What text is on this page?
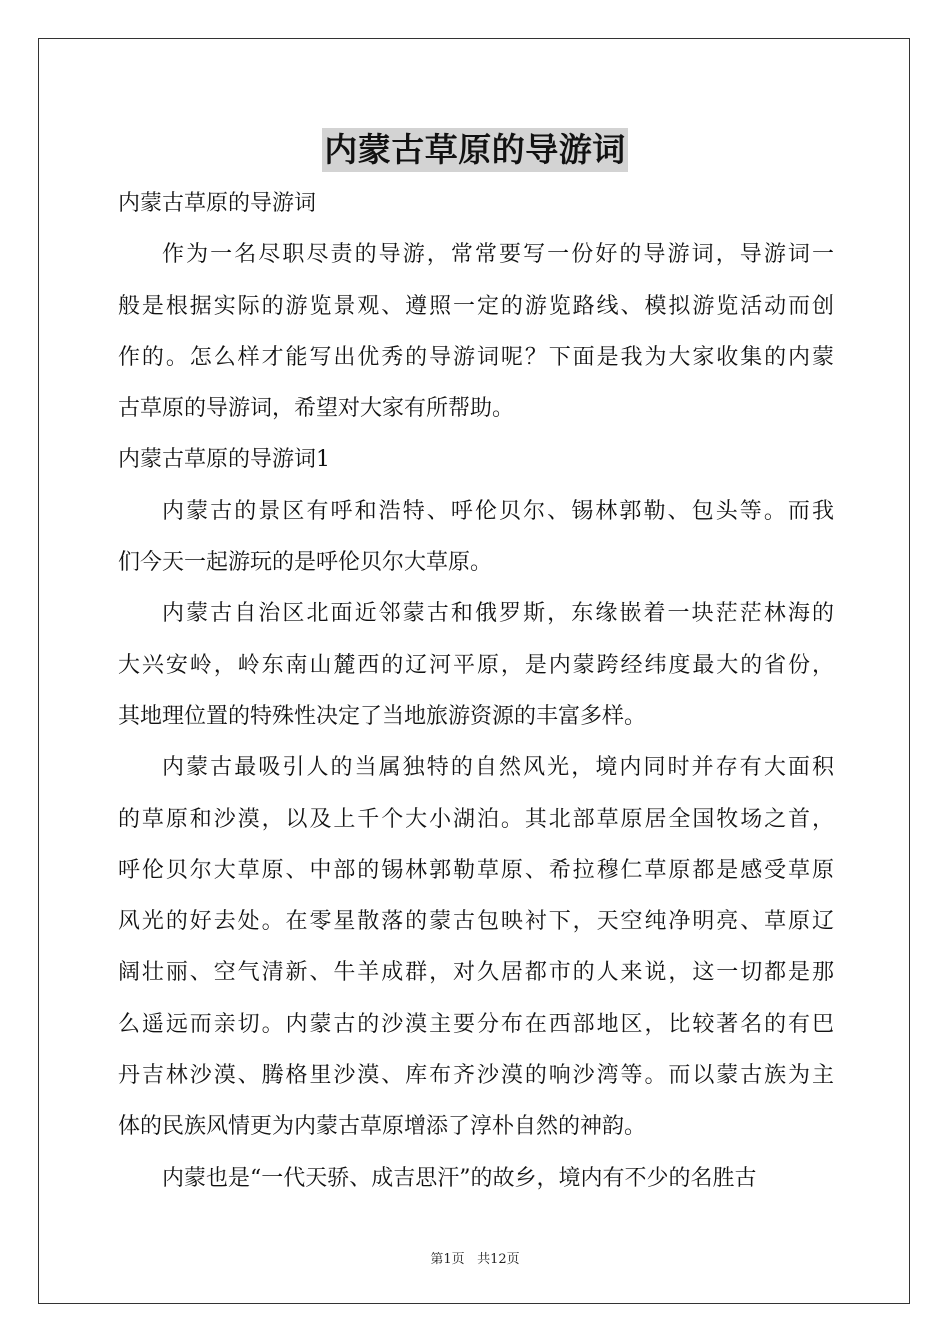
内蒙古草原的导游词
内蒙古草原的导游词
作为一名尽职尽责的导游，常常要写一份好的导游词，导游词一
般是根据实际的游览景观、遵照一定的游览路线、模拟游览活动而创
作的。怎么样才能写出优秀的导游词呢？下面是我为大家收集的内蒙
古草原的导游词，希望对大家有所帮助。
内蒙古草原的导游词1
内蒙古的景区有呼和浩特、呼伦贝尔、锡林郭勒、包头等。而我
们今天一起游玩的是呼伦贝尔大草原。
内蒙古自治区北面近邻蒙古和俄罗斯，东缘嵌着一块茫茫林海的
大兴安岭，岭东南山麓西的辽河平原，是内蒙跨经纬度最大的省份，
其地理位置的特殊性决定了当地旅游资源的丰富多样。
内蒙古最吸引人的当属独特的自然风光，境内同时并存有大面积
的草原和沙漠，以及上千个大小湖泊。其北部草原居全国牧场之首，
呼伦贝尔大草原、中部的锡林郭勒草原、希拉穆仁草原都是感受草原
风光的好去处。在零星散落的蒙古包映衬下，天空纯净明亮、草原辽
阔壮丽、空气清新、牛羊成群，对久居都市的人来说，这一切都是那
么遥远而亲切。内蒙古的沙漠主要分布在西部地区，比较著名的有巴
丹吉林沙漠、腾格里沙漠、库布齐沙漠的响沙湾等。而以蒙古族为主
体的民族风情更为内蒙古草原增添了淳朴自然的神韵。
内蒙也是“一代天骄、成吉思汗”的故乡，境内有不少的名胜古
第1页 共12页
